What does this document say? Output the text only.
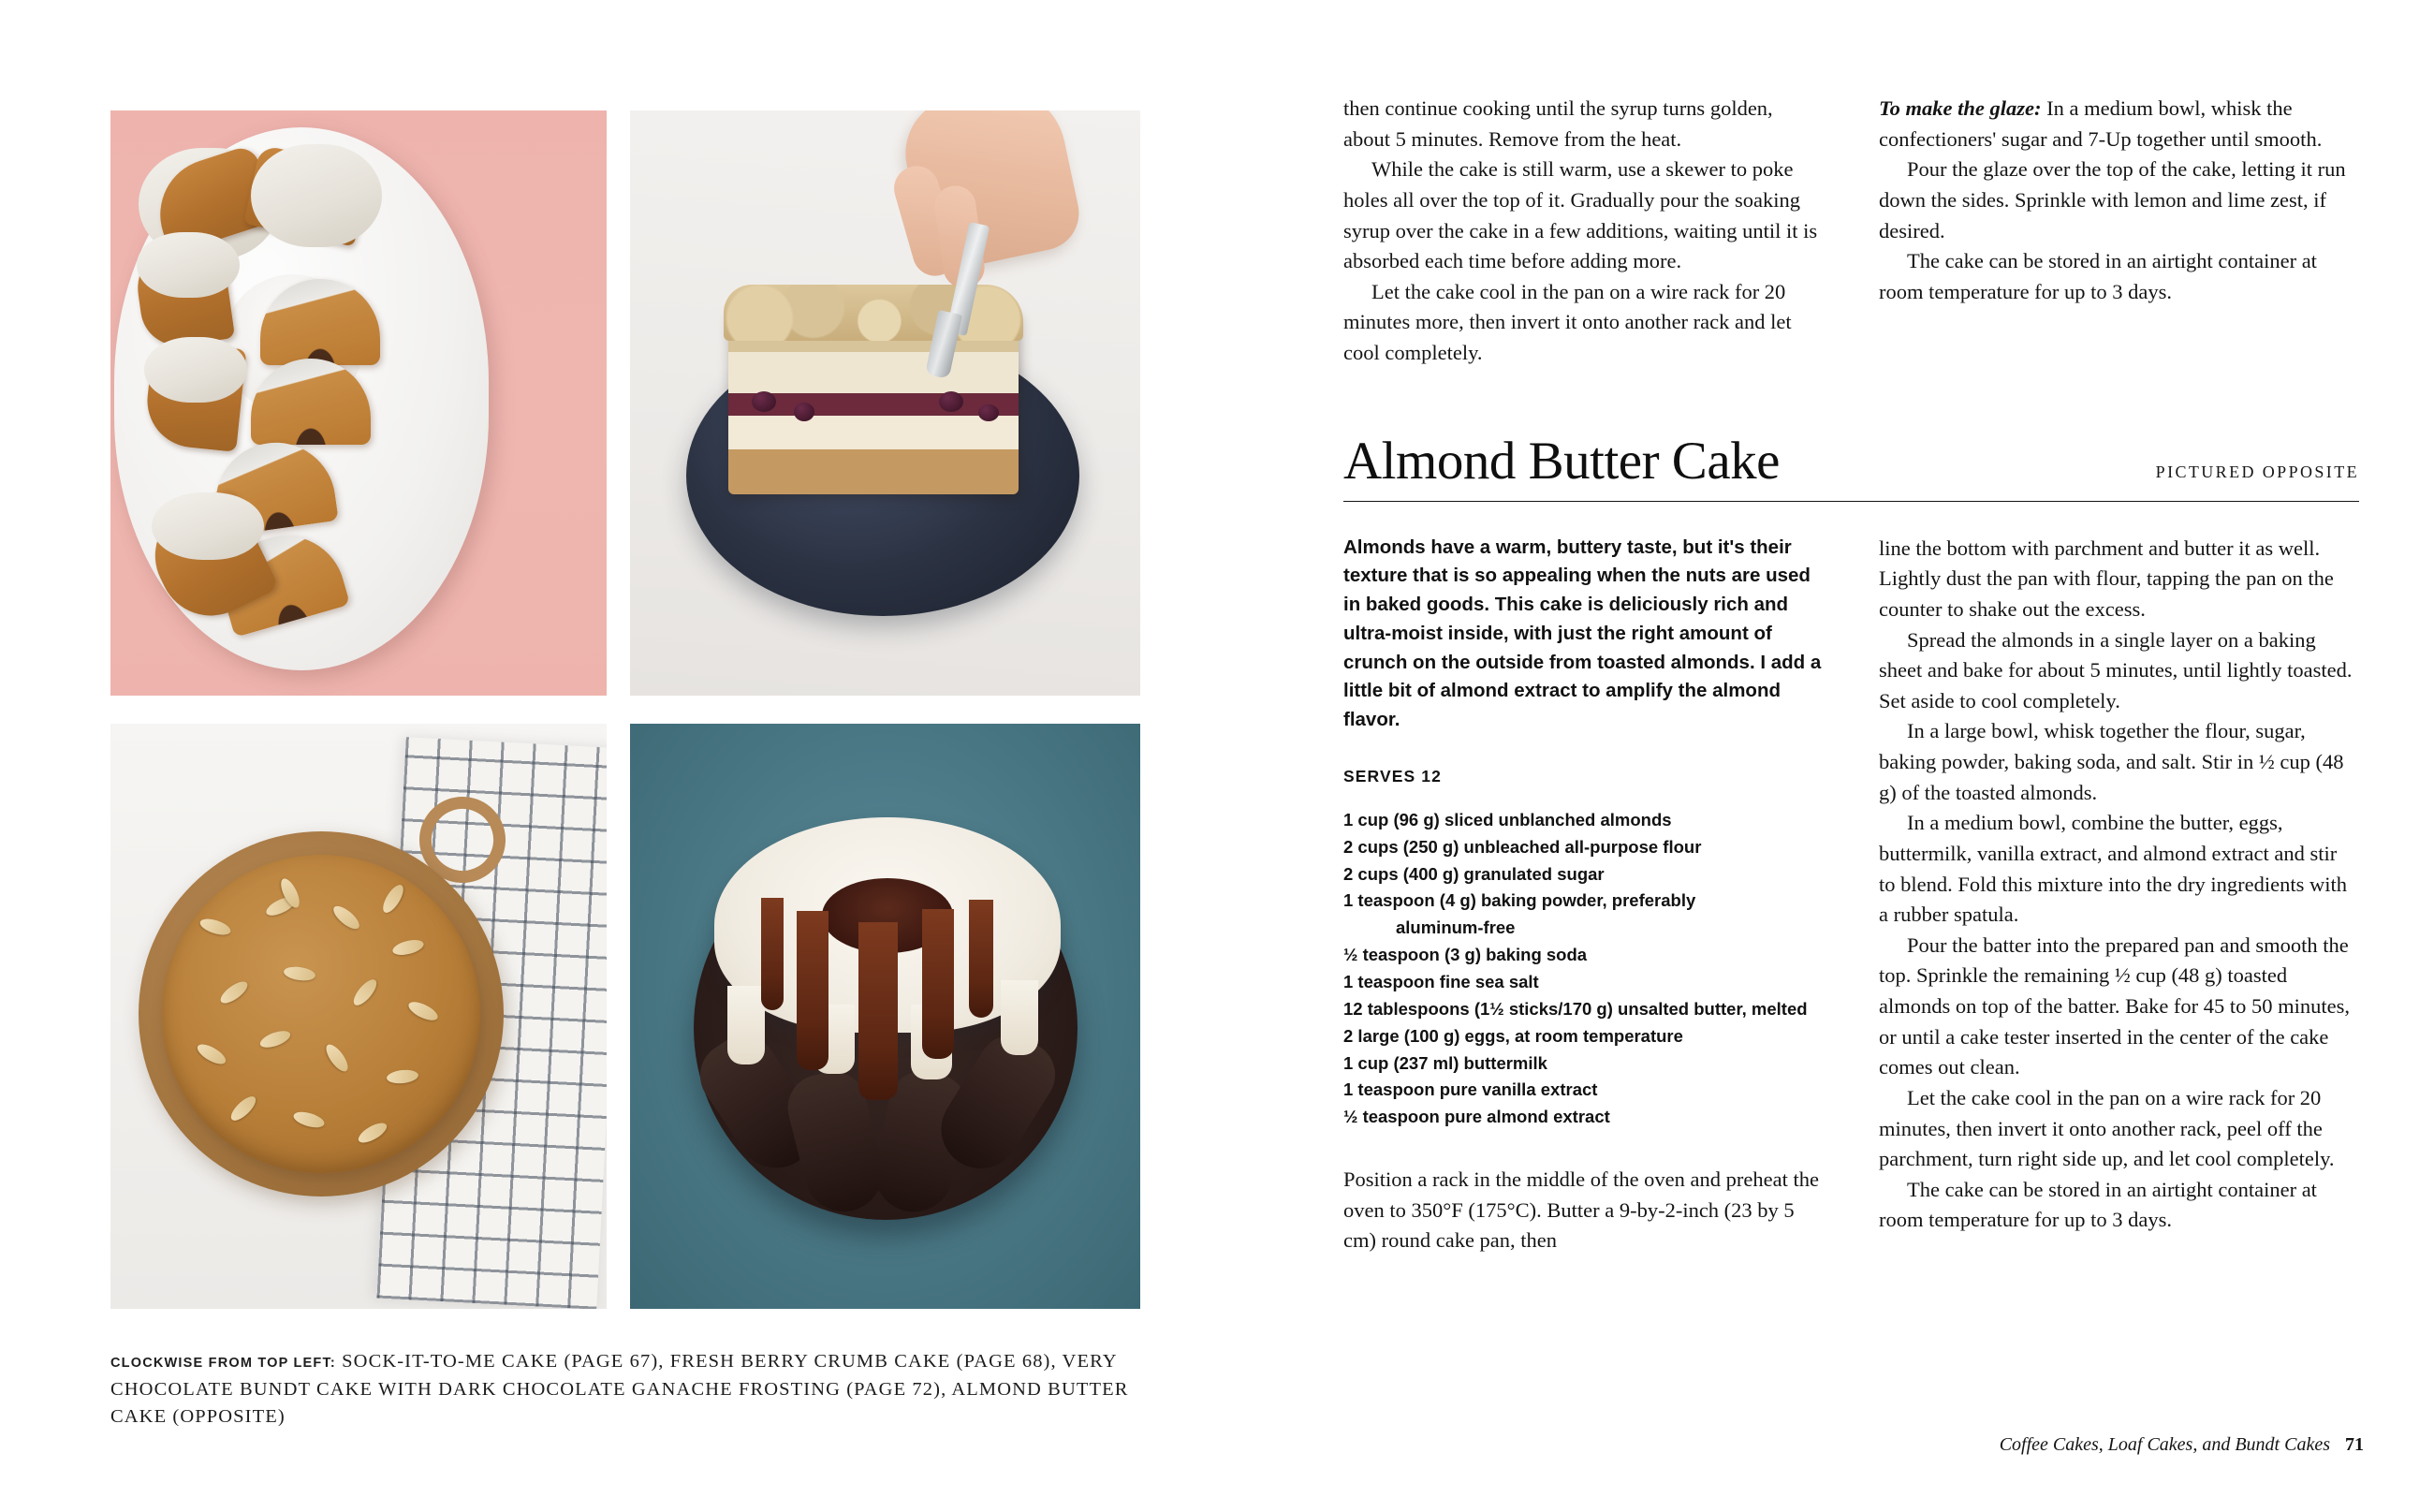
CLOCKWISE FROM TOP LEFT: SOCK-IT-TO-ME CAKE (PAGE 67), FRESH BERRY CRUMB CAKE (PAGE 68), VERY CHOCOLATE BUNDT CAKE WITH DARK CHOCOLATE GANACHE FROSTING (PAGE 72), ALMOND BUTTER CAKE (OPPOSITE)

then continue cooking until the syrup turns golden, about 5 minutes. Remove from the heat.

While the cake is still warm, use a skewer to poke holes all over the top of it. Gradually pour the soaking syrup over the cake in a few additions, waiting until it is absorbed each time before adding more.

Let the cake cool in the pan on a wire rack for 20 minutes more, then invert it onto another rack and let cool completely.

To make the glaze: In a medium bowl, whisk the confectioners' sugar and 7-Up together until smooth.

Pour the glaze over the top of the cake, letting it run down the sides. Sprinkle with lemon and lime zest, if desired.

The cake can be stored in an airtight container at room temperature for up to 3 days.

Almond Butter Cake	PICTURED OPPOSITE

Almonds have a warm, buttery taste, but it's their texture that is so appealing when the nuts are used in baked goods. This cake is deliciously rich and ultra-moist inside, with just the right amount of crunch on the outside from toasted almonds. I add a little bit of almond extract to amplify the almond flavor.

SERVES 12
1 cup (96 g) sliced unblanched almonds
2 cups (250 g) unbleached all-purpose flour
2 cups (400 g) granulated sugar
1 teaspoon (4 g) baking powder, preferably
aluminum-free
½ teaspoon (3 g) baking soda
1 teaspoon fine sea salt
12 tablespoons (1½ sticks/170 g) unsalted butter, melted
2 large (100 g) eggs, at room temperature
1 cup (237 ml) buttermilk
1 teaspoon pure vanilla extract
½ teaspoon pure almond extract

Position a rack in the middle of the oven and preheat the oven to 350°F (175°C). Butter a 9-by-2-inch (23 by 5 cm) round cake pan, then

line the bottom with parchment and butter it as well. Lightly dust the pan with flour, tapping the pan on the counter to shake out the excess.

Spread the almonds in a single layer on a baking sheet and bake for about 5 minutes, until lightly toasted. Set aside to cool completely.

In a large bowl, whisk together the flour, sugar, baking powder, baking soda, and salt. Stir in ½ cup (48 g) of the toasted almonds.

In a medium bowl, combine the butter, eggs, buttermilk, vanilla extract, and almond extract and stir to blend. Fold this mixture into the dry ingredients with a rubber spatula.

Pour the batter into the prepared pan and smooth the top. Sprinkle the remaining ½ cup (48 g) toasted almonds on top of the batter. Bake for 45 to 50 minutes, or until a cake tester inserted in the center of the cake comes out clean.

Let the cake cool in the pan on a wire rack for 20 minutes, then invert it onto another rack, peel off the parchment, turn right side up, and let cool completely.

The cake can be stored in an airtight container at room temperature for up to 3 days.

Coffee Cakes, Loaf Cakes, and Bundt Cakes 71
